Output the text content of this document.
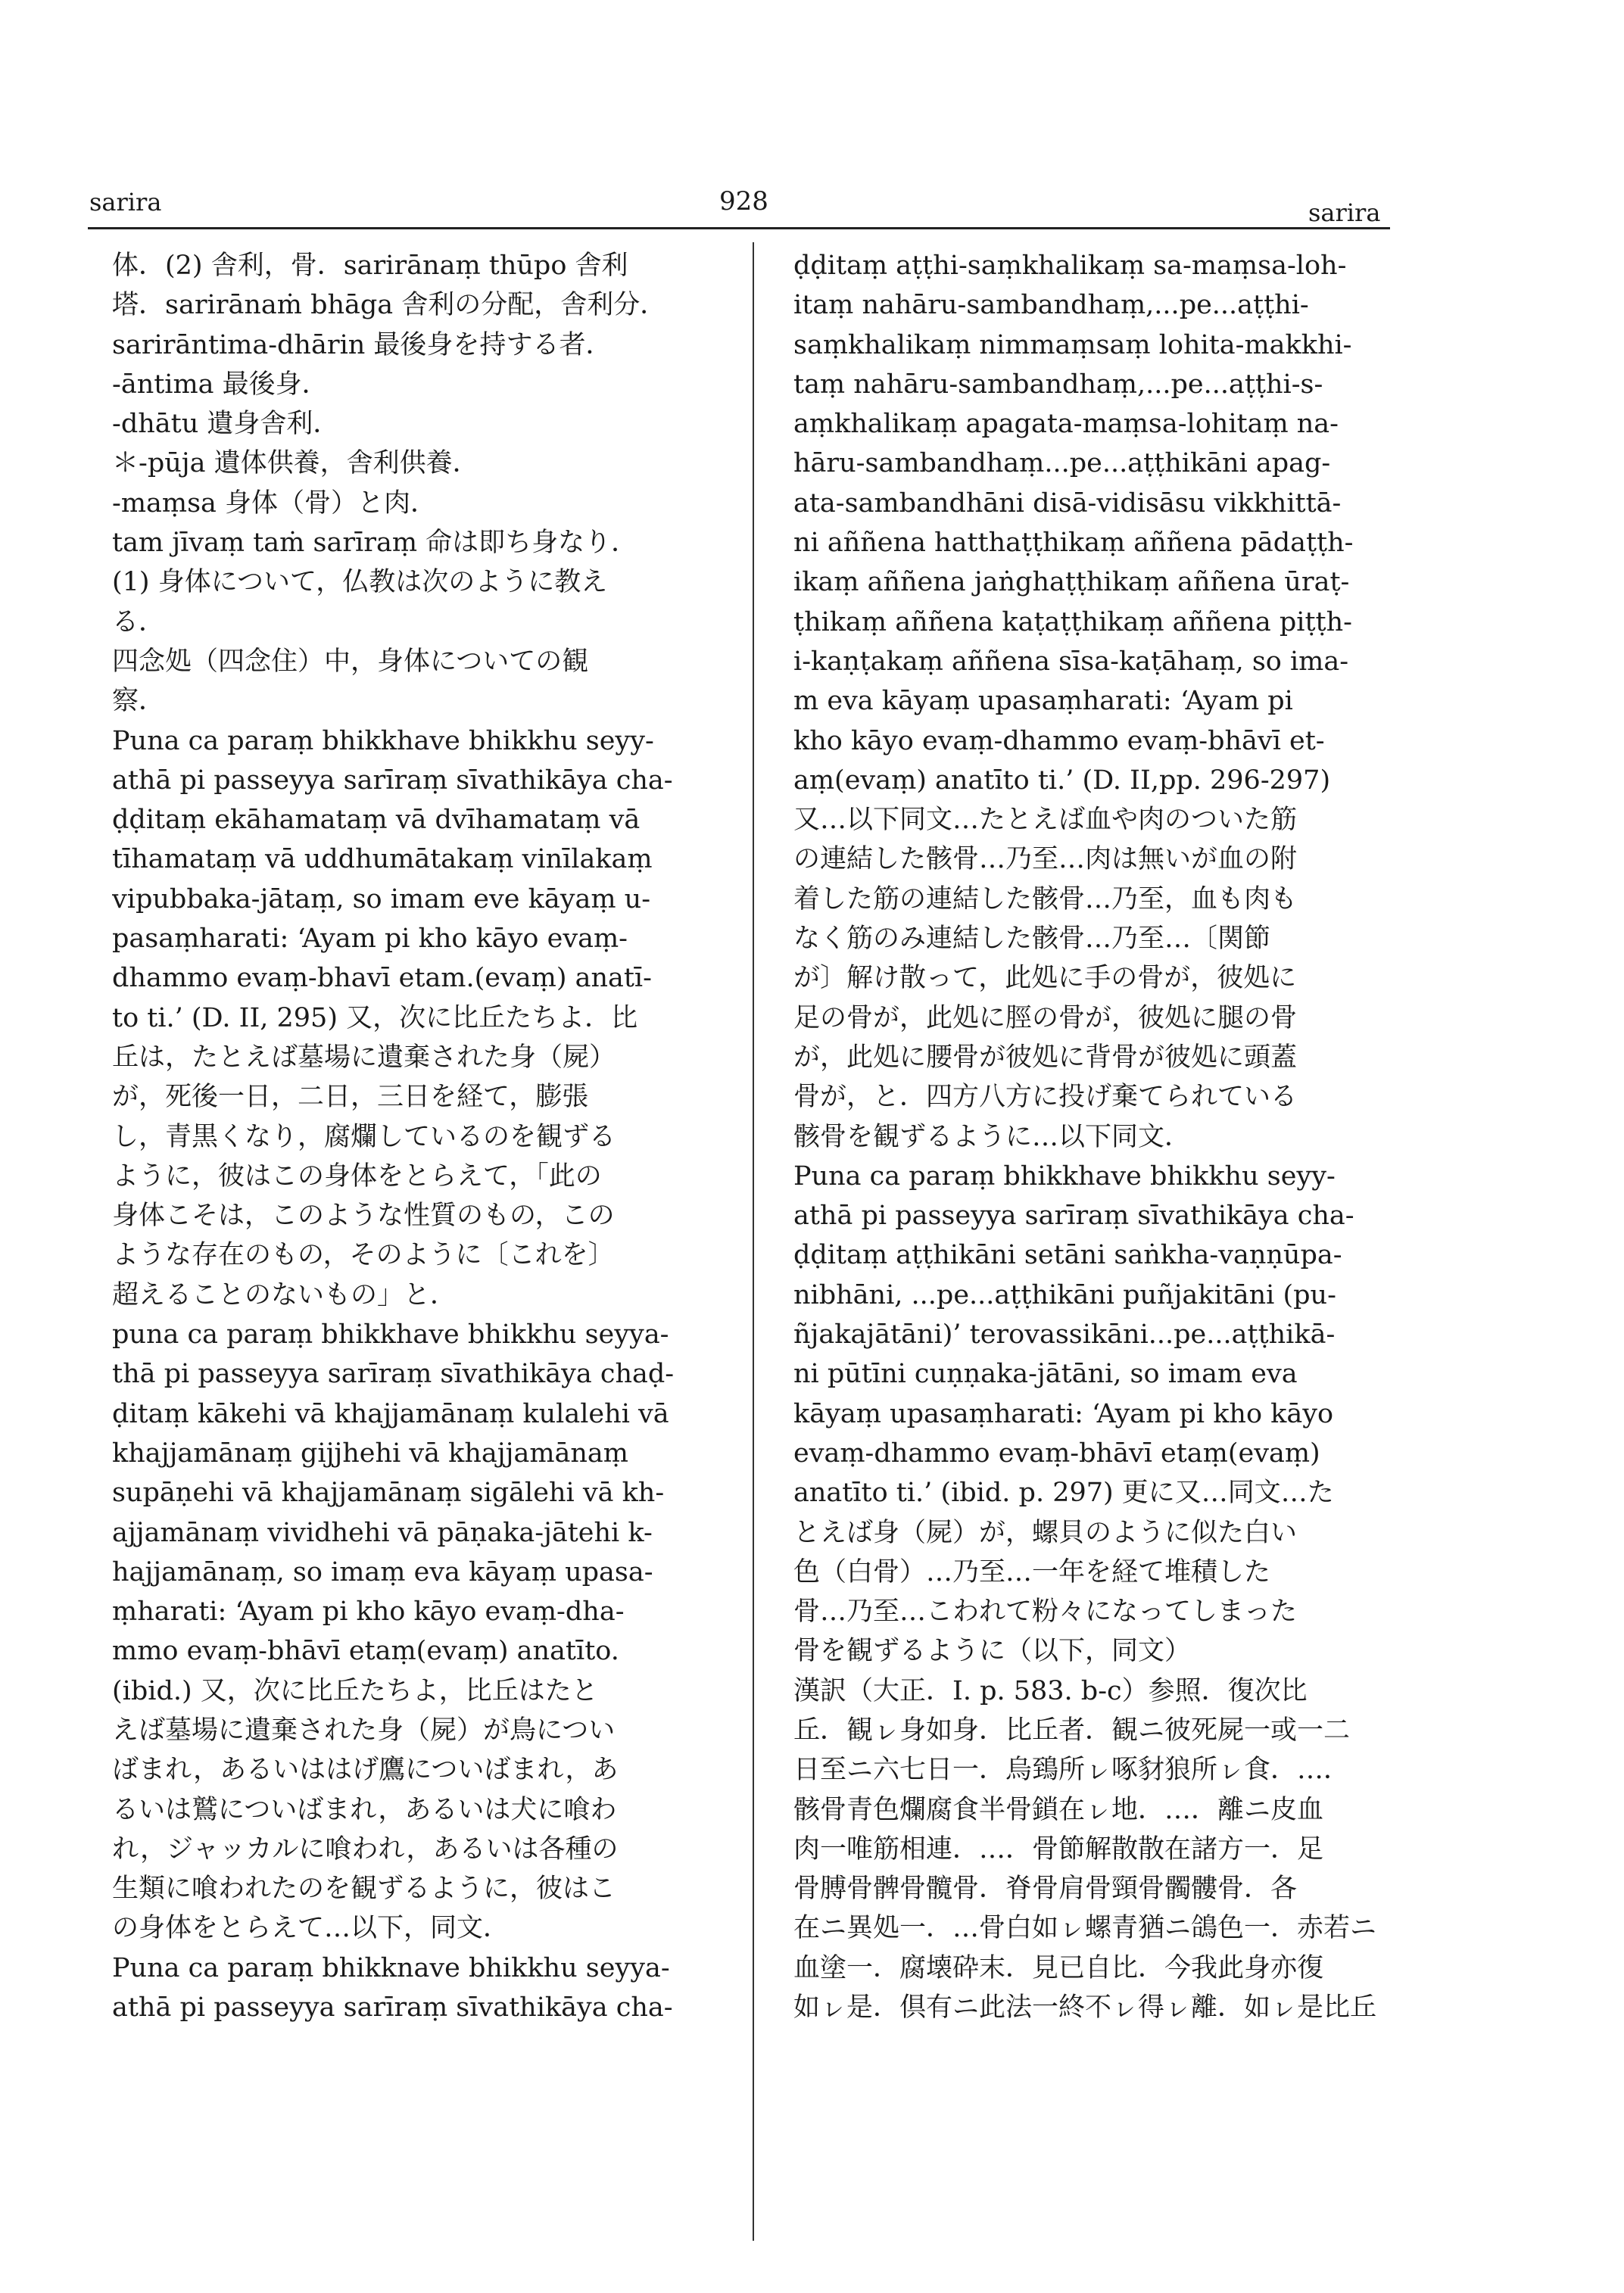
sarira	928	sarira
体．(2) 舎利，骨．sarirānaṃ thūpo 舎利
塔．sarirānaṁ bhāga 舎利の分配，舎利分．
sarirāntima-dhārin 最後身を持する者．
-āntima 最後身．
-dhātu 遺身舎利．
＊-pūja 遺体供養，舎利供養．
-maṃsa 身体（骨）と肉．
tam jīvaṃ taṁ sarīraṃ 命は即ち身なり．
(1) 身体について，仏教は次のように教え
る．
四念処（四念住）中，身体についての観
察．
Puna ca paraṃ bhikkhave bhikkhu seyy-
athā pi passeyya sarīraṃ sīvathikāya cha-
ḍḍitaṃ ekāhamataṃ vā dvīhamataṃ vā
tīhamataṃ vā uddhumātakaṃ vinīlakaṃ
vipubbaka-jātaṃ, so imam eve kāyaṃ u-
pasaṃharati: ‘Ayam pi kho kāyo evaṃ-
dhammo evaṃ-bhavī etam.(evaṃ) anatī-
to ti.’ (D. II, 295) 又，次に比丘たちよ．比
丘は，たとえば墓場に遺棄された身（屍）
が，死後一日，二日，三日を経て，膨張
し，青黒くなり，腐爛しているのを観ずる
ように，彼はこの身体をとらえて，「此の
身体こそは，このような性質のもの，この
ような存在のもの，そのように〔これを〕
超えることのないもの」と．
puna ca paraṃ bhikkhave bhikkhu seyya-
thā pi passeyya sarīraṃ sīvathikāya chaḍ-
ḍitaṃ kākehi vā khajjamānaṃ kulalehi vā
khajjamānaṃ gijjhehi vā khajjamānaṃ
supāṇehi vā khajjamānaṃ sigālehi vā kh-
ajjamānaṃ vividhehi vā pāṇaka-jātehi k-
hajjamānaṃ, so imaṃ eva kāyaṃ upasa-
ṃharati: ‘Ayam pi kho kāyo evaṃ-dha-
mmo evaṃ-bhāvī etaṃ(evaṃ) anatīto.
(ibid.) 又，次に比丘たちよ，比丘はたと
えば墓場に遺棄された身（屍）が鳥につい
ばまれ，あるいははげ鷹についばまれ，あ
るいは鷲についばまれ，あるいは犬に喰わ
れ，ジャッカルに喰われ，あるいは各種の
生類に喰われたのを観ずるように，彼はこ
の身体をとらえて…以下，同文．
Puna ca paraṃ bhikknave bhikkhu seyya-
athā pi passeyya sarīraṃ sīvathikāya cha-
ḍḍitaṃ aṭṭhi-saṃkhalikaṃ sa-maṃsa-loh-
itaṃ nahāru-sambandhaṃ,...pe...aṭṭhi-
saṃkhalikaṃ nimmaṃsaṃ lohita-makkhi-
taṃ nahāru-sambandhaṃ,...pe...aṭṭhi-s-
aṃkhalikaṃ apagata-maṃsa-lohitaṃ na-
hāru-sambandhaṃ...pe...aṭṭhikāni apag-
ata-sambandhāni disā-vidisāsu vikkhittā-
ni aññena hatthaṭṭhikaṃ aññena pādaṭṭh-
ikaṃ aññena jaṅghaṭṭhikaṃ aññena ūraṭ-
ṭhikaṃ aññena kaṭaṭṭhikaṃ aññena piṭṭh-
i-kaṇṭakaṃ aññena sīsa-kaṭāhaṃ, so ima-
m eva kāyaṃ upasaṃharati: ‘Ayam pi
kho kāyo evaṃ-dhammo evaṃ-bhāvī et-
aṃ(evaṃ) anatīto ti.’ (D. II,pp. 296-297)
又…以下同文…たとえば血や肉のついた筋
の連結した骸骨…乃至…肉は無いが血の附
着した筋の連結した骸骨…乃至，血も肉も
なく筋のみ連結した骸骨…乃至…〔関節
が〕解け散って，此処に手の骨が，彼処に
足の骨が，此処に脛の骨が，彼処に腿の骨
が，此処に腰骨が彼処に背骨が彼処に頭蓋
骨が，と．四方八方に投げ棄てられている
骸骨を観ずるように…以下同文．
Puna ca paraṃ bhikkhave bhikkhu seyy-
athā pi passeyya sarīraṃ sīvathikāya cha-
ḍḍitaṃ aṭṭhikāni setāni saṅkha-vaṇṇūpa-
nibhāni, ...pe...aṭṭhikāni puñjakitāni (pu-
ñjakajātāni)’ terovassikāni...pe...aṭṭhikā-
ni pūtīni cuṇṇaka-jātāni, so imam eva
kāyaṃ upasaṃharati: ‘Ayam pi kho kāyo
evaṃ-dhammo evaṃ-bhāvī etaṃ(evaṃ)
anatīto ti.’ (ibid. p. 297) 更に又…同文…た
とえば身（屍）が，螺貝のように似た白い
色（白骨）…乃至…一年を経て堆積した
骨…乃至…こわれて粉々になってしまった
骨を観ずるように（以下，同文）
漢訳（大正．I. p. 583. b-c）参照．復次比
丘．観ㇾ身如身．比丘者．観ニ彼死屍一或一二
日至ニ六七日一．烏鵄所ㇾ啄豺狼所ㇾ食．…．
骸骨青色爛腐食半骨鎖在ㇾ地．…．離ニ皮血
肉一唯筋相連．…．骨節解散散在諸方一．足
骨膊骨髀骨髖骨．脊骨肩骨頸骨髑髏骨．各
在ニ異処一．…骨白如ㇾ螺青猶ニ鴿色一．赤若ニ
血塗一．腐壊砕末．見已自比．今我此身亦復
如ㇾ是．倶有ニ此法一終不ㇾ得ㇾ離．如ㇾ是比丘
